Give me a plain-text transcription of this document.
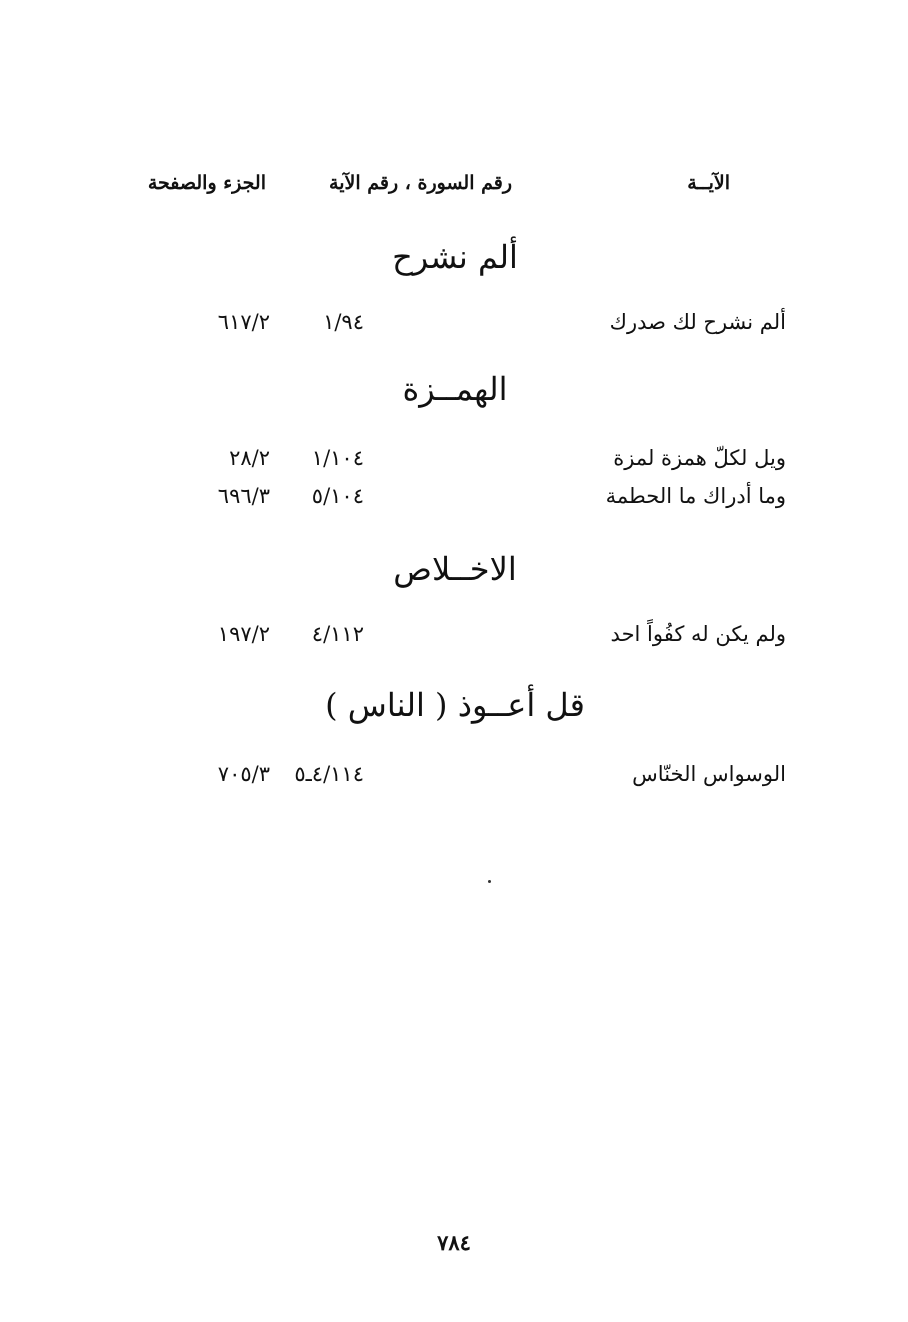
الآيــة
رقم السورة ، رقم الآية
الجزء والصفحة
ألم نشرح
ألم نشرح لك صدرك
١/٩٤
٦١٧/٢
الهمــزة
ويل لكلّ همزة لمزة
١/١٠٤
٢٨/٢
وما أدراك ما الحطمة
٥/١٠٤
٦٩٦/٣
الاخــلاص
ولم يكن له كفُواً احد
٤/١١٢
١٩٧/٢
قل أعــوذ ( الناس )
الوسواس الخنّاس
٤/١١٤ـ٥
٧٠٥/٣
٧٨٤
